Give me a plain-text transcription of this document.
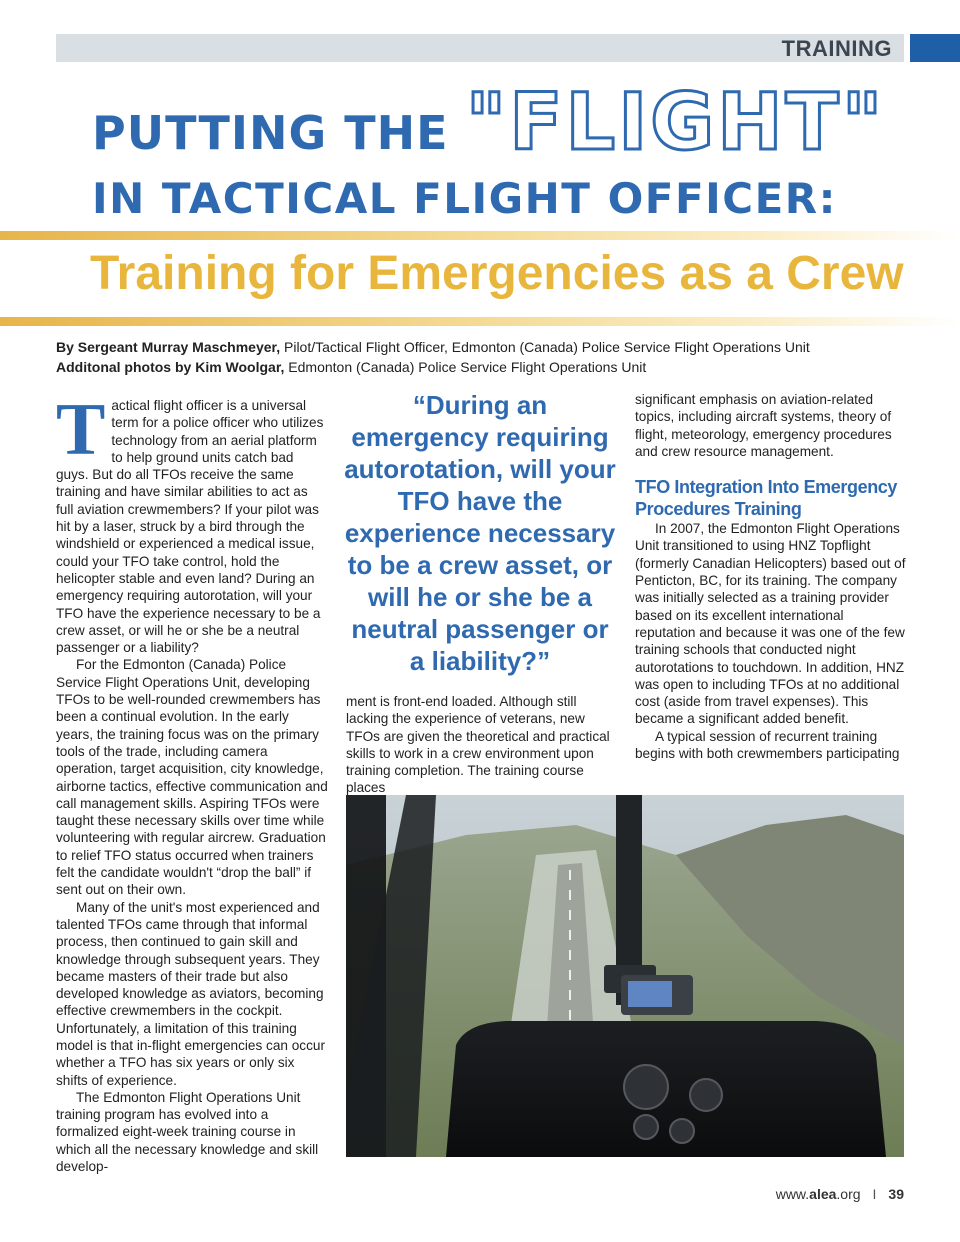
TRAINING
PUTTING THE "FLIGHT"
IN TACTICAL FLIGHT OFFICER:
Training for Emergencies as a Crew
By Sergeant Murray Maschmeyer, Pilot/Tactical Flight Officer, Edmonton (Canada) Police Service Flight Operations Unit
Additonal photos by Kim Woolgar, Edmonton (Canada) Police Service Flight Operations Unit

Tactical flight officer is a universal term for a police officer who utilizes technology from an aerial platform to help ground units catch bad guys. But do all TFOs receive the same training and have similar abilities to act as full aviation crewmembers? If your pilot was hit by a laser, struck by a bird through the windshield or experienced a medical issue, could your TFO take control, hold the helicopter stable and even land? During an emergency requiring autorotation, will your TFO have the experience necessary to be a crew asset, or will he or she be a neutral passenger or a liability?

For the Edmonton (Canada) Police Service Flight Operations Unit, developing TFOs to be well-rounded crewmembers has been a continual evolution. In the early years, the training focus was on the primary tools of the trade, including camera operation, target acquisition, city knowledge, airborne tactics, effective communication and call management skills. Aspiring TFOs were taught these necessary skills over time while volunteering with regular aircrew. Graduation to relief TFO status occurred when trainers felt the candidate wouldn't “drop the ball” if sent out on their own.

Many of the unit's most experienced and talented TFOs came through that informal process, then continued to gain skill and knowledge through subsequent years. They became masters of their trade but also developed knowledge as aviators, becoming effective crewmembers in the cockpit. Unfortunately, a limitation of this training model is that in-flight emergencies can occur whether a TFO has six years or only six shifts of experience.

The Edmonton Flight Operations Unit training program has evolved into a formalized eight-week training course in which all the necessary knowledge and skill develop-

“During an emergency requiring autorotation, will your TFO have the experience necessary to be a crew asset, or will he or she be a neutral passenger or a liability?”

ment is front-end loaded. Although still lacking the experience of veterans, new TFOs are given the theoretical and practical skills to work in a crew environment upon training completion. The training course places

significant emphasis on aviation-related topics, including aircraft systems, theory of flight, meteorology, emergency procedures and crew resource management.

TFO Integration Into Emergency Procedures Training

In 2007, the Edmonton Flight Operations Unit transitioned to using HNZ Topflight (formerly Canadian Helicopters) based out of Penticton, BC, for its training. The company was initially selected as a training provider based on its excellent international reputation and because it was one of the few training schools that conducted night autorotations to touchdown. In addition, HNZ was open to including TFOs at no additional cost (aside from travel expenses). This became a significant added benefit.

A typical session of recurrent training begins with both crewmembers participating

www.alea.org I 39
